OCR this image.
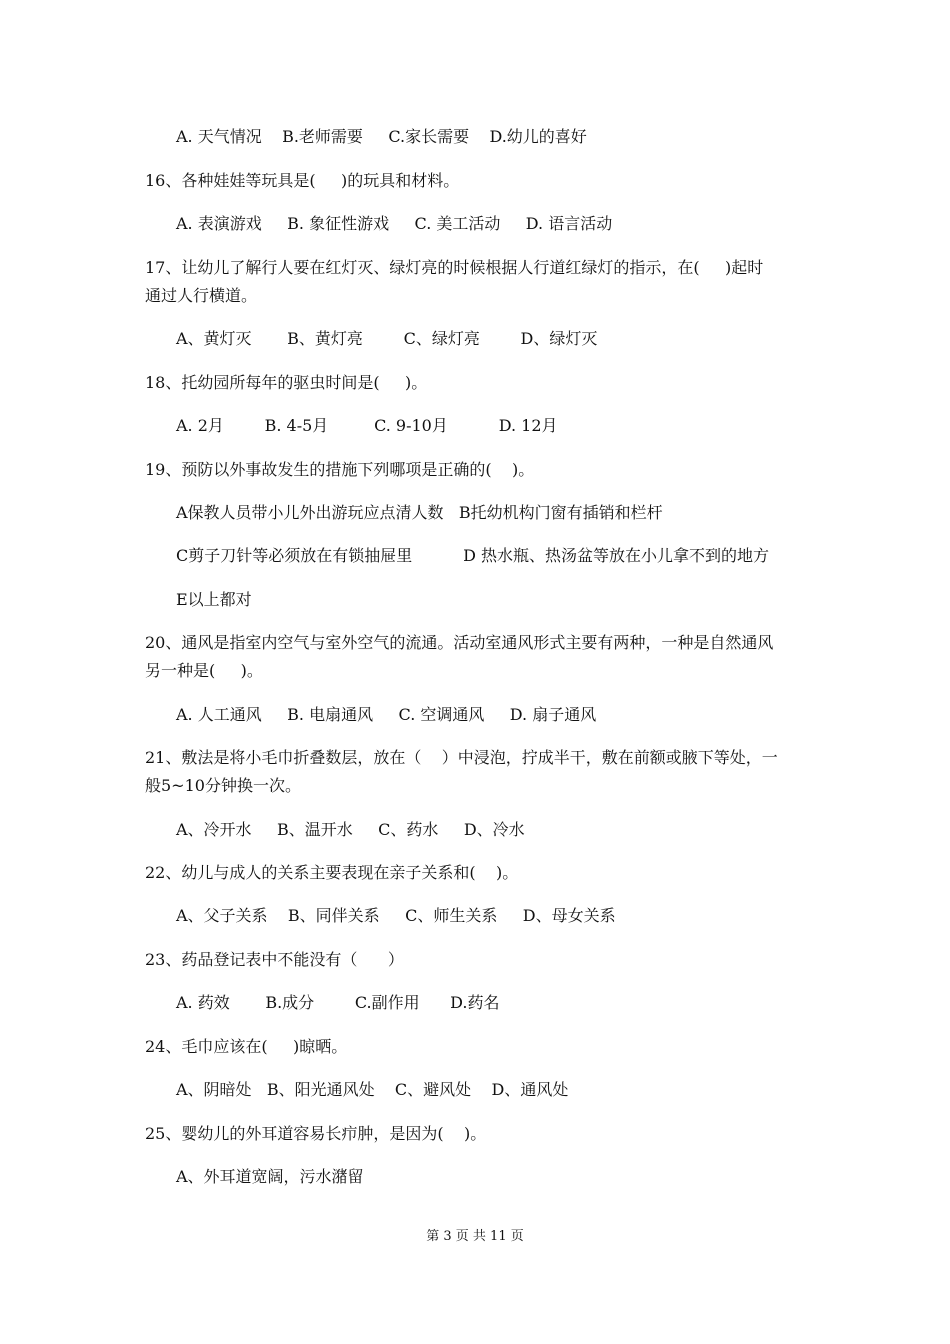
A. 天气情况    B.老师需要     C.家长需要    D.幼儿的喜好
16、各种娃娃等玩具是(     )的玩具和材料。
A. 表演游戏     B. 象征性游戏     C. 美工活动     D. 语言活动
17、让幼儿了解行人要在红灯灭、绿灯亮的时候根据人行道红绿灯的指示，在(     )起时
通过人行横道。
A、黄灯灭       B、黄灯亮        C、绿灯亮        D、绿灯灭
18、托幼园所每年的驱虫时间是(     )。
A. 2月        B. 4-5月         C. 9-10月          D. 12月
19、预防以外事故发生的措施下列哪项是正确的(    )。
A保教人员带小儿外出游玩应点清人数   B托幼机构门窗有插销和栏杆
C剪子刀针等必须放在有锁抽屉里          D 热水瓶、热汤盆等放在小儿拿不到的地方
E以上都对
20、通风是指室内空气与室外空气的流通。活动室通风形式主要有两种，一种是自然通风
另一种是(     )。
A. 人工通风     B. 电扇通风     C. 空调通风     D. 扇子通风
21、敷法是将小毛巾折叠数层，放在（    ）中浸泡，拧成半干，敷在前额或腋下等处，一
般5~10分钟换一次。
A、冷开水     B、温开水     C、药水     D、冷水
22、幼儿与成人的关系主要表现在亲子关系和(    )。
A、父子关系    B、同伴关系     C、师生关系     D、母女关系
23、药品登记表中不能没有（      ）
A. 药效       B.成分        C.副作用      D.药名
24、毛巾应该在(     )晾晒。
A、阴暗处   B、阳光通风处    C、避风处    D、通风处
25、婴幼儿的外耳道容易长疖肿，是因为(    )。
A、外耳道宽阔，污水潴留
第 3 页 共 11 页
